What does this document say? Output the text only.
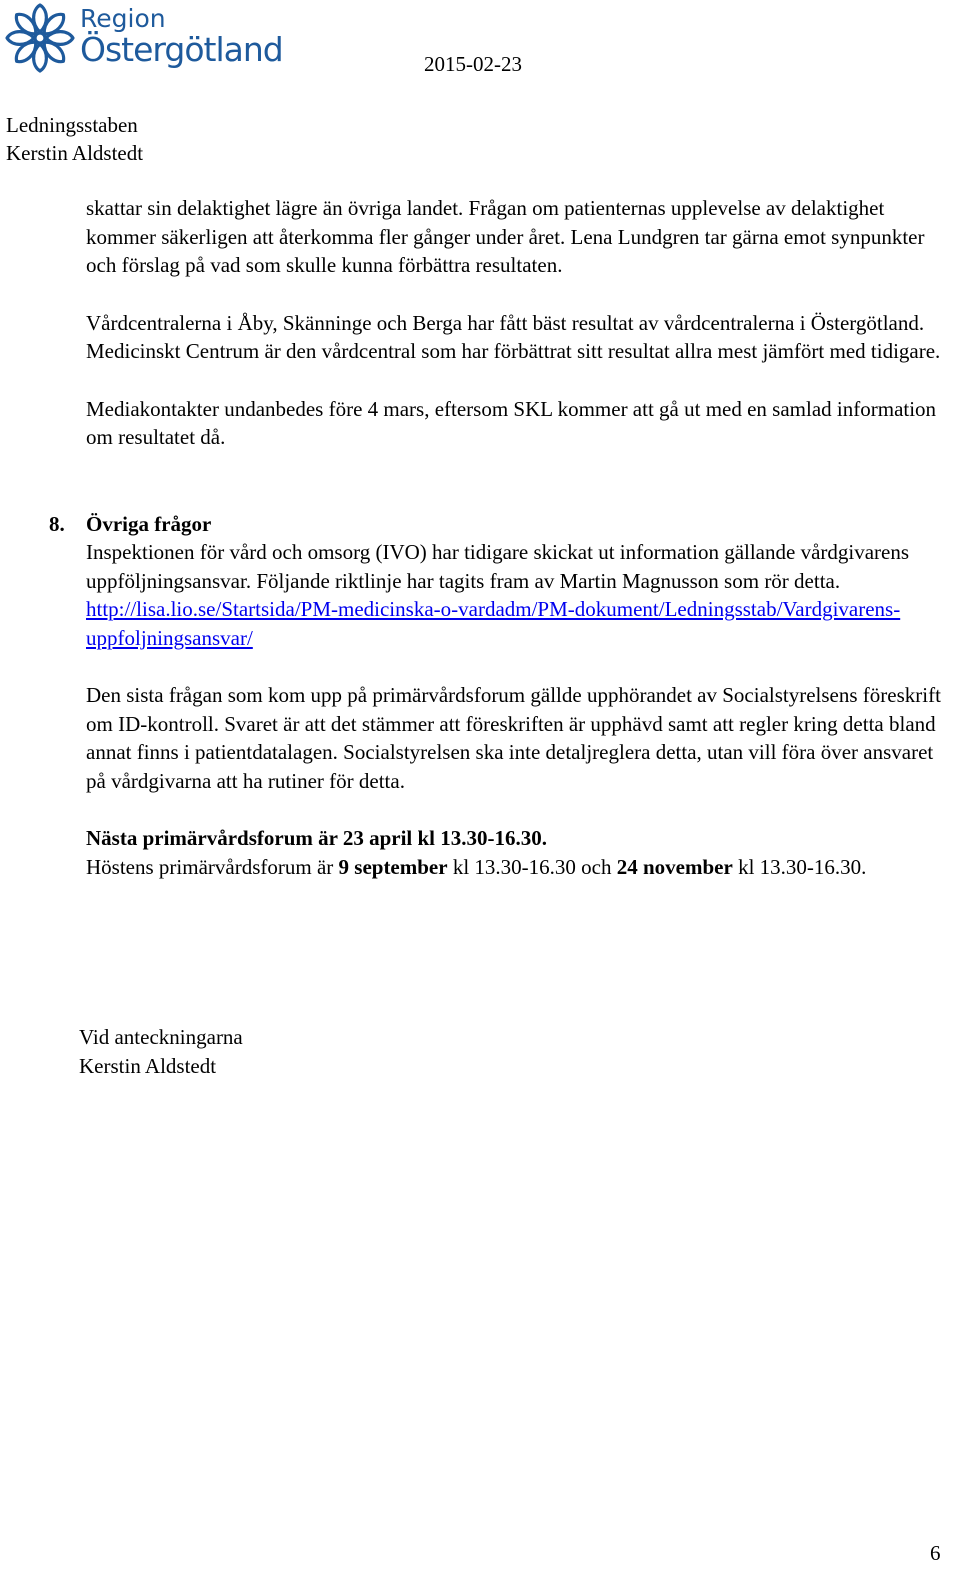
Region
Östergötland	2015-02-23
Ledningsstaben
Kerstin Aldstedt

skattar sin delaktighet lägre än övriga landet. Frågan om patienternas upplevelse av delaktighet kommer säkerligen att återkomma fler gånger under året. Lena Lundgren tar gärna emot synpunkter och förslag på vad som skulle kunna förbättra resultaten.

Vårdcentralerna i Åby, Skänninge och Berga har fått bäst resultat av vårdcentralerna i Östergötland. Medicinskt Centrum är den vårdcentral som har förbättrat sitt resultat allra mest jämfört med tidigare.

Mediakontakter undanbedes före 4 mars, eftersom SKL kommer att gå ut med en samlad information om resultatet då.

8. Övriga frågor

Inspektionen för vård och omsorg (IVO) har tidigare skickat ut information gällande vårdgivarens uppföljningsansvar. Följande riktlinje har tagits fram av Martin Magnusson som rör detta. http://lisa.lio.se/Startsida/PM-medicinska-o-vardadm/PM-dokument/Ledningsstab/Vardgivarens-uppfoljningsansvar/

Den sista frågan som kom upp på primärvårdsforum gällde upphörandet av Socialstyrelsens föreskrift om ID-kontroll. Svaret är att det stämmer att föreskriften är upphävd samt att regler kring detta bland annat finns i patientdatalagen. Socialstyrelsen ska inte detaljreglera detta, utan vill föra över ansvaret på vårdgivarna att ha rutiner för detta.

Nästa primärvårdsforum är 23 april kl 13.30-16.30.

Höstens primärvårdsforum är 9 september kl 13.30-16.30 och 24 november kl 13.30-16.30.

Vid anteckningarna
Kerstin Aldstedt
6
